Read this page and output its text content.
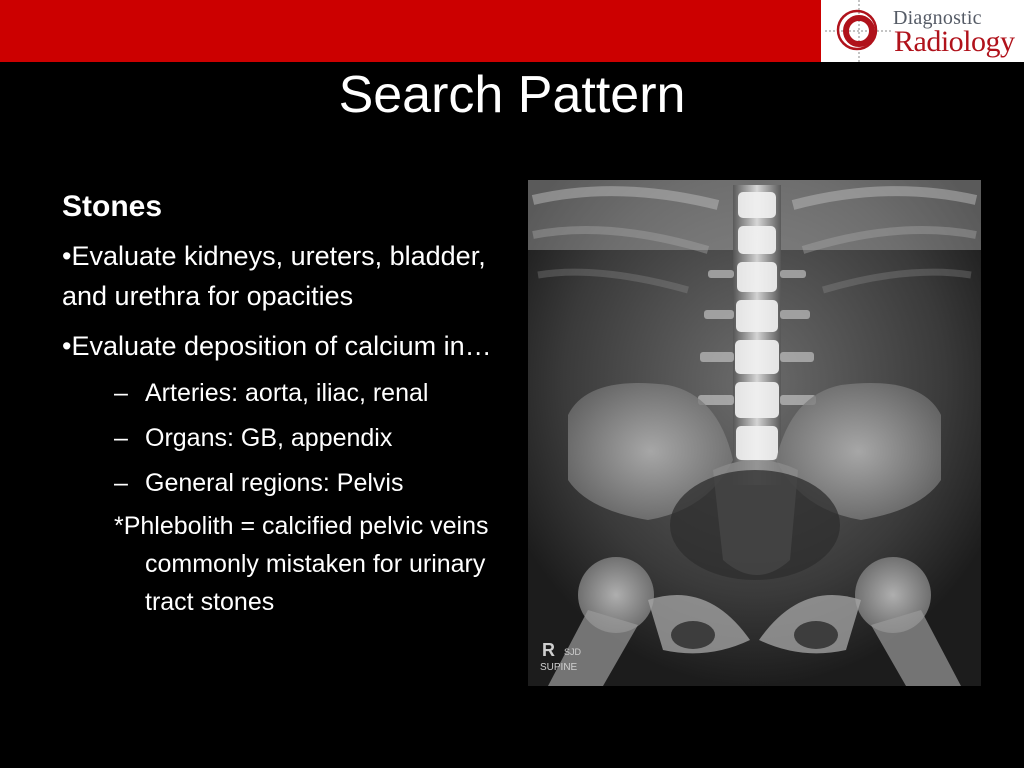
Diagnostic
Radiology
Search Pattern
Stones
•Evaluate kidneys, ureters, bladder, and urethra for opacities
•Evaluate deposition of calcium in…
– Arteries: aorta, iliac, renal
– Organs: GB, appendix
– General regions: Pelvis
*Phlebolith = calcified pelvic veins commonly mistaken for urinary tract stones
R SJD
SUPINE
